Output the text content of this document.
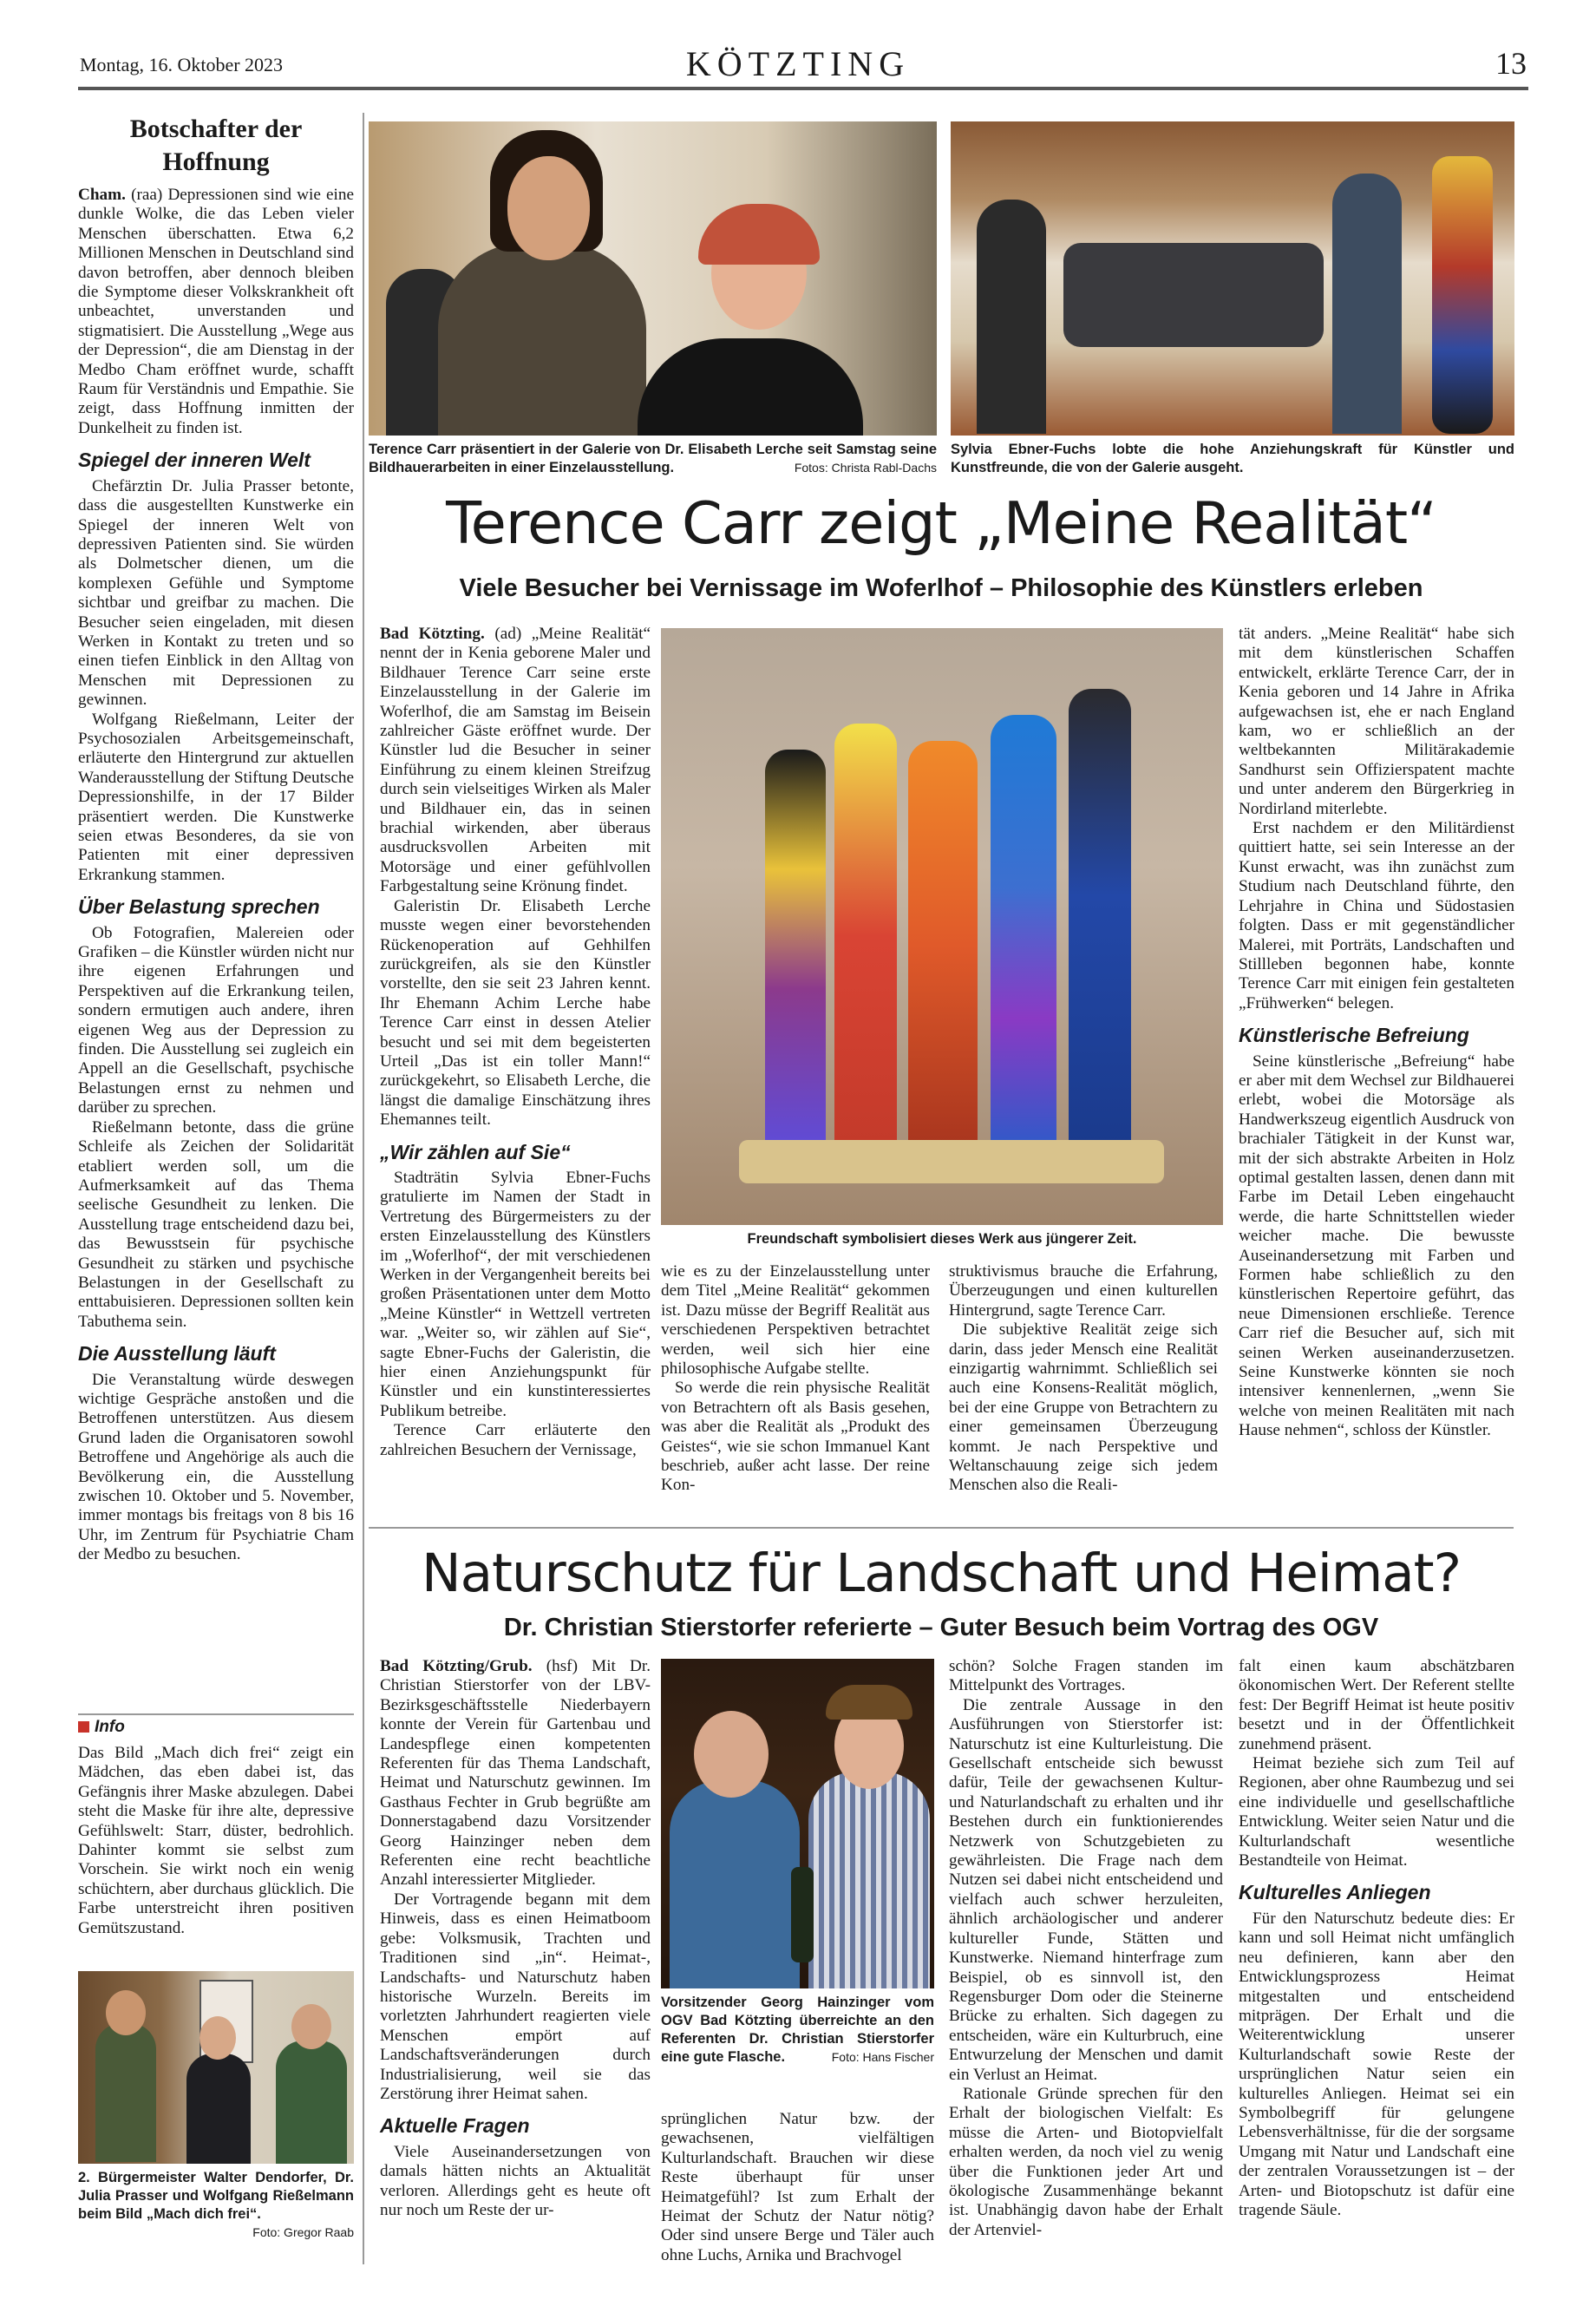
Montag, 16. Oktober 2023	KÖTZTING	13
Botschafter der Hoffnung

Cham. (raa) Depressionen sind wie eine dunkle Wolke, die das Leben vieler Menschen überschatten. Etwa 6,2 Millionen Menschen in Deutschland sind davon betroffen, aber dennoch bleiben die Symptome dieser Volkskrankheit oft unbeachtet, unverstanden und stigmatisiert. Die Ausstellung „Wege aus der Depression“, die am Dienstag in der Medbo Cham eröffnet wurde, schafft Raum für Verständnis und Empathie. Sie zeigt, dass Hoffnung inmitten der Dunkelheit zu finden ist.

Spiegel der inneren Welt

Chefärztin Dr. Julia Prasser betonte, dass die ausgestellten Kunstwerke ein Spiegel der inneren Welt von depressiven Patienten sind. Sie würden als Dolmetscher dienen, um die komplexen Gefühle und Symptome sichtbar und greifbar zu machen. Die Besucher seien eingeladen, mit diesen Werken in Kontakt zu treten und so einen tiefen Einblick in den Alltag von Menschen mit Depressionen zu gewinnen.

Wolfgang Rießelmann, Leiter der Psychosozialen Arbeitsgemeinschaft, erläuterte den Hintergrund zur aktuellen Wanderausstellung der Stiftung Deutsche Depressionshilfe, in der 17 Bilder präsentiert werden. Die Kunstwerke seien etwas Besonderes, da sie von Patienten mit einer depressiven Erkrankung stammen.

Über Belastung sprechen

Ob Fotografien, Malereien oder Grafiken – die Künstler würden nicht nur ihre eigenen Erfahrungen und Perspektiven auf die Erkrankung teilen, sondern ermutigen auch andere, ihren eigenen Weg aus der Depression zu finden. Die Ausstellung sei zugleich ein Appell an die Gesellschaft, psychische Belastungen ernst zu nehmen und darüber zu sprechen.

Rießelmann betonte, dass die grüne Schleife als Zeichen der Solidarität etabliert werden soll, um die Aufmerksamkeit auf das Thema seelische Gesundheit zu lenken. Die Ausstellung trage entscheidend dazu bei, das Bewusstsein für psychische Gesundheit zu stärken und psychische Belastungen in der Gesellschaft zu enttabuisieren. Depressionen sollten kein Tabuthema sein.

Die Ausstellung läuft

Die Veranstaltung würde deswegen wichtige Gespräche anstoßen und die Betroffenen unterstützen. Aus diesem Grund laden die Organisatoren sowohl Betroffene und Angehörige als auch die Bevölkerung ein, die Ausstellung zwischen 10. Oktober und 5. November, immer montags bis freitags von 8 bis 16 Uhr, im Zentrum für Psychiatrie Cham der Medbo zu besuchen.

Info

Das Bild „Mach dich frei“ zeigt ein Mädchen, das eben dabei ist, das Gefängnis ihrer Maske abzulegen. Dabei steht die Maske für ihre alte, depressive Gefühlswelt: Starr, düster, bedrohlich. Dahinter kommt sie selbst zum Vorschein. Sie wirkt noch ein wenig schüchtern, aber durchaus glücklich. Die Farbe unterstreicht ihren positiven Gemütszustand.

2. Bürgermeister Walter Dendorfer, Dr. Julia Prasser und Wolfgang Rießelmann beim Bild „Mach dich frei“.
Foto: Gregor Raab
Terence Carr präsentiert in der Galerie von Dr. Elisabeth Lerche seit Samstag seine Bildhauerarbeiten in einer Einzelausstellung.	Fotos: Christa Rabl-Dachs
Sylvia Ebner-Fuchs lobte die hohe Anziehungskraft für Künstler und Kunstfreunde, die von der Galerie ausgeht.
Terence Carr zeigt „Meine Realität“
Viele Besucher bei Vernissage im Woferlhof – Philosophie des Künstlers erleben

Bad Kötzting. (ad) „Meine Realität“ nennt der in Kenia geborene Maler und Bildhauer Terence Carr seine erste Einzelausstellung in der Galerie im Woferlhof, die am Samstag im Beisein zahlreicher Gäste eröffnet wurde. Der Künstler lud die Besucher in seiner Einführung zu einem kleinen Streifzug durch sein vielseitiges Wirken als Maler und Bildhauer ein, das in seinen brachial wirkenden, aber überaus ausdrucksvollen Arbeiten mit Motorsäge und einer gefühlvollen Farbgestaltung seine Krönung findet.

Galeristin Dr. Elisabeth Lerche musste wegen einer bevorstehenden Rückenoperation auf Gehhilfen zurückgreifen, als sie den Künstler vorstellte, den sie seit 23 Jahren kennt. Ihr Ehemann Achim Lerche habe Terence Carr einst in dessen Atelier besucht und sei mit dem begeisterten Urteil „Das ist ein toller Mann!“ zurückgekehrt, so Elisabeth Lerche, die längst die damalige Einschätzung ihres Ehemannes teilt.

„Wir zählen auf Sie“

Stadträtin Sylvia Ebner-Fuchs gratulierte im Namen der Stadt in Vertretung des Bürgermeisters zu der ersten Einzelausstellung des Künstlers im „Woferlhof“, der mit verschiedenen Werken in der Vergangenheit bereits bei großen Präsentationen unter dem Motto „Meine Künstler“ in Wettzell vertreten war. „Weiter so, wir zählen auf Sie“, sagte Ebner-Fuchs der Galeristin, die hier einen Anziehungspunkt für Künstler und ein kunstinteressiertes Publikum betreibe.

Terence Carr erläuterte den zahlreichen Besuchern der Vernissage,

Freundschaft symbolisiert dieses Werk aus jüngerer Zeit.

wie es zu der Einzelausstellung unter dem Titel „Meine Realität“ gekommen ist. Dazu müsse der Begriff Realität aus verschiedenen Perspektiven betrachtet werden, weil sich hier eine philosophische Aufgabe stellte.

So werde die rein physische Realität von Betrachtern oft als Basis gesehen, was aber die Realität als „Produkt des Geistes“, wie sie schon Immanuel Kant beschrieb, außer acht lasse. Der reine Kon-

struktivismus brauche die Erfahrung, Überzeugungen und einen kulturellen Hintergrund, sagte Terence Carr.

Die subjektive Realität zeige sich darin, dass jeder Mensch eine Realität einzigartig wahrnimmt. Schließlich sei auch eine Konsens-Realität möglich, bei der eine Gruppe von Betrachtern zu einer gemeinsamen Überzeugung kommt. Je nach Perspektive und Weltanschauung zeige sich jedem Menschen also die Reali-

tät anders. „Meine Realität“ habe sich mit dem künstlerischen Schaffen entwickelt, erklärte Terence Carr, der in Kenia geboren und 14 Jahre in Afrika aufgewachsen ist, ehe er nach England kam, wo er schließlich an der weltbekannten Militärakademie Sandhurst sein Offizierspatent machte und unter anderem den Bürgerkrieg in Nordirland miterlebte.

Erst nachdem er den Militärdienst quittiert hatte, sei sein Interesse an der Kunst erwacht, was ihn zunächst zum Studium nach Deutschland führte, den Lehrjahre in China und Südostasien folgten. Dass er mit gegenständlicher Malerei, mit Porträts, Landschaften und Stillleben begonnen habe, konnte Terence Carr mit einigen fein gestalteten „Frühwerken“ belegen.

Künstlerische Befreiung

Seine künstlerische „Befreiung“ habe er aber mit dem Wechsel zur Bildhauerei erlebt, wobei die Motorsäge als Handwerkszeug eigentlich Ausdruck von brachialer Tätigkeit in der Kunst war, mit der sich abstrakte Arbeiten in Holz optimal gestalten lassen, denen dann mit Farbe im Detail Leben eingehaucht werde, die harte Schnittstellen wieder weicher mache. Die bewusste Auseinandersetzung mit Farben und Formen habe schließlich zu den künstlerischen Repertoire geführt, das neue Dimensionen erschließe. Terence Carr rief die Besucher auf, sich mit seinen Werken auseinanderzusetzen. Seine Kunstwerke könnten sie noch intensiver kennenlernen, „wenn Sie welche von meinen Realitäten mit nach Hause nehmen“, schloss der Künstler.

Naturschutz für Landschaft und Heimat?
Dr. Christian Stierstorfer referierte – Guter Besuch beim Vortrag des OGV

Bad Kötzting/Grub. (hsf) Mit Dr. Christian Stierstorfer von der LBV-Bezirksgeschäftsstelle Niederbayern konnte der Verein für Gartenbau und Landespflege einen kompetenten Referenten für das Thema Landschaft, Heimat und Naturschutz gewinnen. Im Gasthaus Fechter in Grub begrüßte am Donnerstagabend dazu Vorsitzender Georg Hainzinger neben dem Referenten eine recht beachtliche Anzahl interessierter Mitglieder.

Der Vortragende begann mit dem Hinweis, dass es einen Heimatboom gebe: Volksmusik, Trachten und Traditionen sind „in“. Heimat-, Landschafts- und Naturschutz haben historische Wurzeln. Bereits im vorletzten Jahrhundert reagierten viele Menschen empört auf Landschaftsveränderungen durch Industrialisierung, weil sie das Zerstörung ihrer Heimat sahen.

Aktuelle Fragen

Viele Auseinandersetzungen von damals hätten nichts an Aktualität verloren. Allerdings geht es heute oft nur noch um Reste der ur-

Vorsitzender Georg Hainzinger vom OGV Bad Kötzting überreichte an den Referenten Dr. Christian Stierstorfer eine gute Flasche.	Foto: Hans Fischer

sprünglichen Natur bzw. der gewachsenen, vielfältigen Kulturlandschaft. Brauchen wir diese Reste überhaupt für unser Heimatgefühl? Ist zum Erhalt der Heimat der Schutz der Natur nötig? Oder sind unsere Berge und Täler auch ohne Luchs, Arnika und Brachvogel

schön? Solche Fragen standen im Mittelpunkt des Vortrages.

Die zentrale Aussage in den Ausführungen von Stierstorfer ist: Naturschutz ist eine Kulturleistung. Die Gesellschaft entscheide sich bewusst dafür, Teile der gewachsenen Kultur- und Naturlandschaft zu erhalten und ihr Bestehen durch ein funktionierendes Netzwerk von Schutzgebieten zu gewährleisten. Die Frage nach dem Nutzen sei dabei nicht entscheidend und vielfach auch schwer herzuleiten, ähnlich archäologischer und anderer kultureller Funde, Stätten und Kunstwerke. Niemand hinterfrage zum Beispiel, ob es sinnvoll ist, den Regensburger Dom oder die Steinerne Brücke zu erhalten. Sich dagegen zu entscheiden, wäre ein Kulturbruch, eine Entwurzelung der Menschen und damit ein Verlust an Heimat.

Rationale Gründe sprechen für den Erhalt der biologischen Vielfalt: Es müsse die Arten- und Biotopvielfalt erhalten werden, da noch viel zu wenig über die Funktionen jeder Art und ökologische Zusammenhänge bekannt ist. Unabhängig davon habe der Erhalt der Artenviel-

falt einen kaum abschätzbaren ökonomischen Wert. Der Referent stellte fest: Der Begriff Heimat ist heute positiv besetzt und in der Öffentlichkeit zunehmend präsent.

Heimat beziehe sich zum Teil auf Regionen, aber ohne Raumbezug und sei eine individuelle und gesellschaftliche Entwicklung. Weiter seien Natur und die Kulturlandschaft wesentliche Bestandteile von Heimat.

Kulturelles Anliegen

Für den Naturschutz bedeute dies: Er kann und soll Heimat nicht umfänglich neu definieren, kann aber den Entwicklungsprozess Heimat mitgestalten und entscheidend mitprägen. Der Erhalt und die Weiterentwicklung unserer Kulturlandschaft sowie Reste der ursprünglichen Natur seien ein kulturelles Anliegen. Heimat sei ein Symbolbegriff für gelungene Lebensverhältnisse, für die der sorgsame Umgang mit Natur und Landschaft eine der zentralen Voraussetzungen ist – der Arten- und Biotopschutz ist dafür eine tragende Säule.
